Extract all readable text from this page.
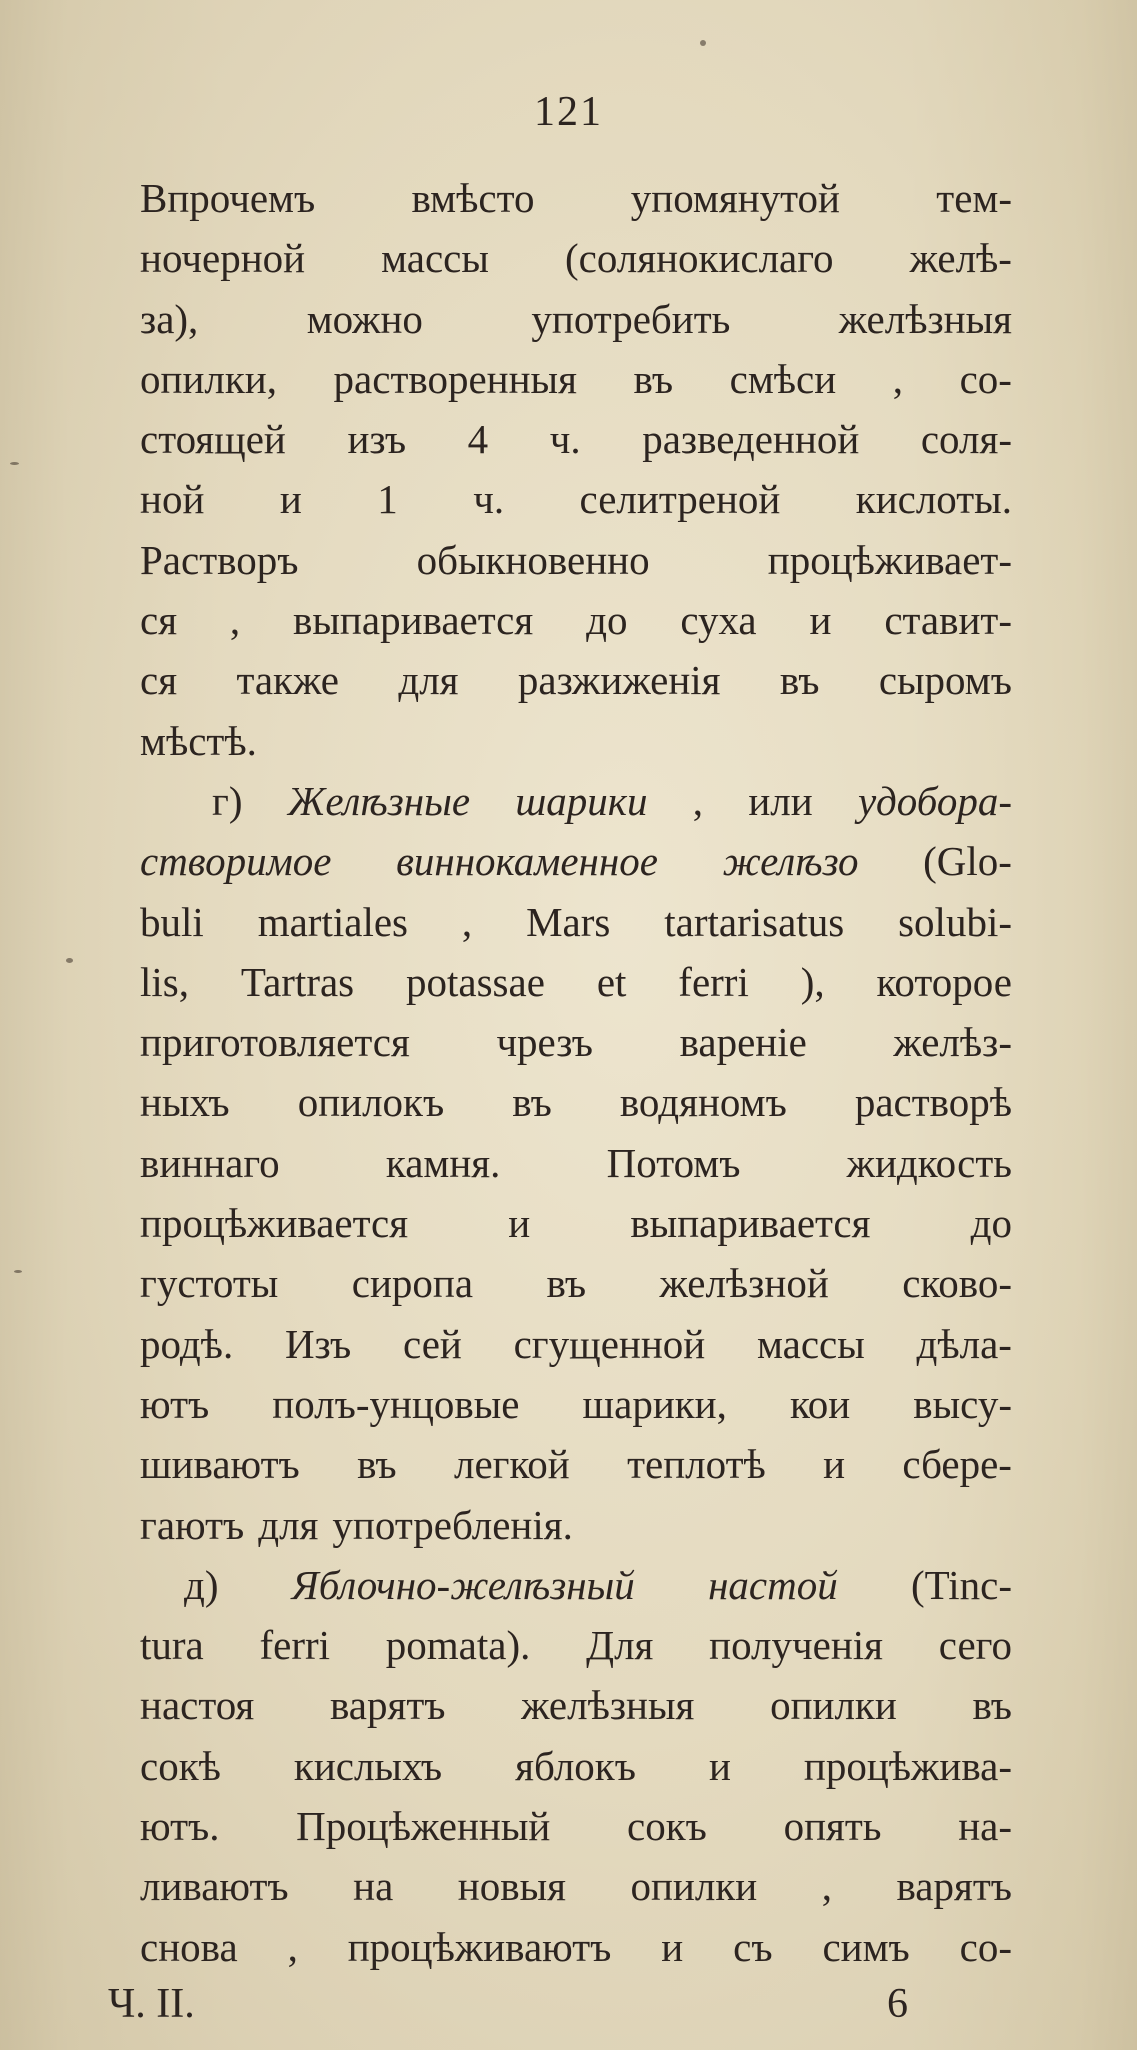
121
Впрочемъ вмѣсто упомянутой тем-
ночерной массы (солянокислаго желѣ-
за),	можно	употребить	желѣзныя
опилки, растворенныя въ смѣси , со-
стоящей изъ 4 ч. разведенной соля-
ной и 1 ч. селитреной кислоты.
Растворъ	обыкновенно	процѣживает-
ся , выпаривается до суха и ставит-
ся также для разжиженія въ сыромъ
мѣстѣ.
г) Желѣзные шарики , или удобора-
створимое виннокаменное желѣзо (Glo-
buli martiales , Mars tartarisatus solubi-
lis, Tartras potassae et ferri ), которое
приготовляется чрезъ вареніе желѣз-
ныхъ опилокъ въ водяномъ растворѣ
виннаго	камня.	Потомъ	жидкость
процѣживается и выпаривается до
густоты сиропа въ желѣзной сково-
родѣ. Изъ сей сгущенной массы дѣла-
ютъ полъ-унцовые шарики, кои высу-
шиваютъ въ легкой теплотѣ и сбере-
гаютъ для употребленія.
д) Яблочно-желѣзный настой (Tinc-
tura ferri pomata). Для полученія сего
настоя варятъ желѣзныя опилки въ
сокѣ кислыхъ яблокъ и процѣжива-
ютъ. Процѣженный сокъ опять на-
ливаютъ на новыя опилки , варятъ
снова , процѣживаютъ и съ симъ со-
Ч. II.	6
